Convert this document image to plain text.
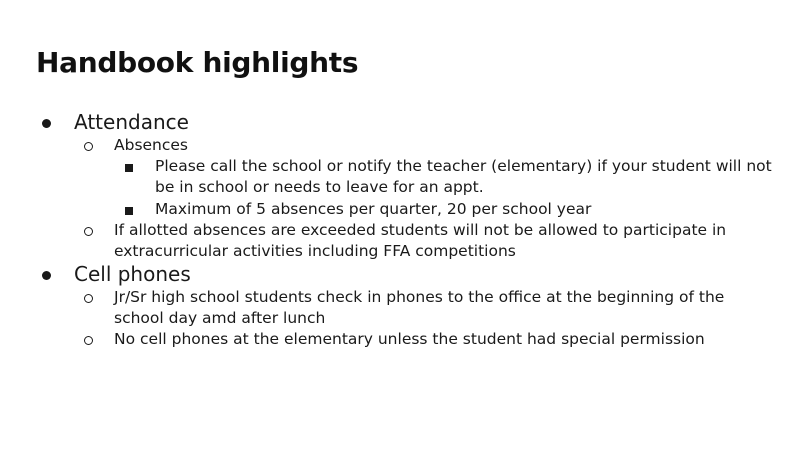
Handbook highlights
Attendance
Absences
Please call the school or notify the teacher (elementary) if your student will not
be in school or needs to leave for an appt.
Maximum of 5 absences per quarter, 20 per school year
If allotted absences are exceeded students will not be allowed to participate in
extracurricular activities including FFA competitions
Cell phones
Jr/Sr high school students check in phones to the office at the beginning of the
school day amd after lunch
No cell phones at the elementary unless the student had special permission
